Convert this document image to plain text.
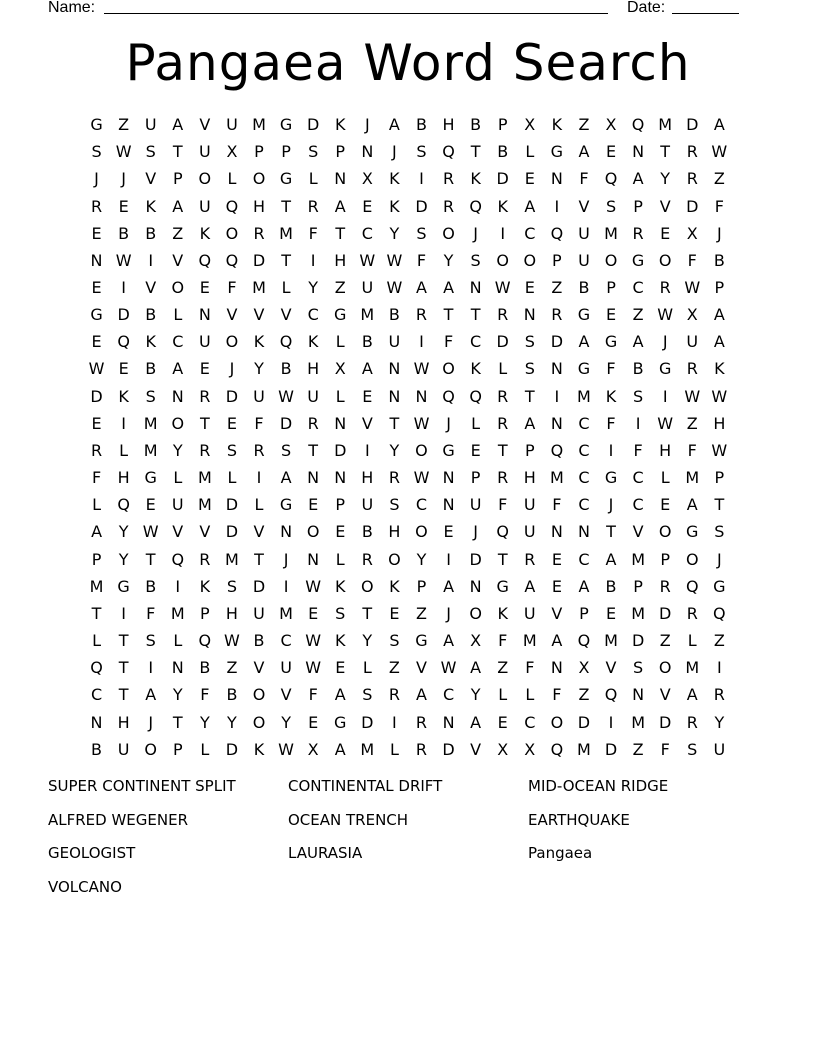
Name:	Date:
Pangaea Word Search
G Z U A	V U M G D K	J	A	B H B	P	X	K	Z	X Q M D A
S W S	T	U X	P	P	S	P	N	J	S Q T	B	L	G A	E	N	T	R W
J	J	V	P O	L	O G	L	N X	K	I	R	K D E	N	F	Q A	Y	R	Z
R	E	K	A U Q H	T	R	A	E	K D R Q K	A	I	V	S	P	V D	F
E	B	B	Z	K O R M F	T	C	Y	S O	J	I	C Q U M R	E	X	J
N W	I	V Q Q D	T	I	H W W F	Y	S O O P	U O G O	F	B
E	I	V O E	F M L	Y	Z U W A	A N W E	Z	B	P	C R W P
G D B	L	N V	V	V	C G M B	R	T	T	R N R G E	Z W X	A
E Q K	C U O K Q K	L	B U	I	F	C D S D A G A	J	U A
W E	B	A	E	J	Y	B H X	A N W O K	L	S	N G	F	B G R	K
D K	S	N R D U W U	L	E	N N Q Q R	T	I	M K	S	I	W W
E	I	M O T	E	F	D R N V	T W	J	L	R	A N C	F	I	W Z H
R	L M Y	R	S	R	S	T	D	I	Y O G E	T	P Q C	I	F	H	F W
F	H G	L M L	I	A N N H R W N	P	R H M C G C	L M P
L	Q E	U M D	L	G E	P	U	S	C N U	F	U	F	C	J	C	E	A	T
A	Y W V	V D V N O E	B H O E	J	Q U N N	T	V O G S
P	Y	T Q R M T	J	N	L	R O Y	I	D	T	R	E	C	A M P O	J
M G B	I	K	S D	I	W K O K	P	A N G A	E	A	B	P	R Q G
T	I	F M P	H U M E	S	T	E	Z	J	O K U V	P	E M D R Q
L	T	S	L	Q W B	C W K	Y	S G A	X	F M A Q M D Z	L	Z
Q T	I	N B	Z	V U W E	L	Z	V W A	Z	F	N X	V	S O M	I
C	T	A	Y	F	B O V	F	A	S	R	A	C	Y	L	L	F	Z Q N V	A	R
N H	J	T	Y	Y O Y	E G D	I	R N A	E	C O D	I	M D R	Y
B U O P	L	D K W X	A M L	R D V	X	X Q M D Z	F	S	U
SUPER CONTINENT SPLIT	CONTINENTAL DRIFT	MID-OCEAN RIDGE
ALFRED WEGENER	OCEAN TRENCH	EARTHQUAKE
GEOLOGIST	LAURASIA	Pangaea
VOLCANO
